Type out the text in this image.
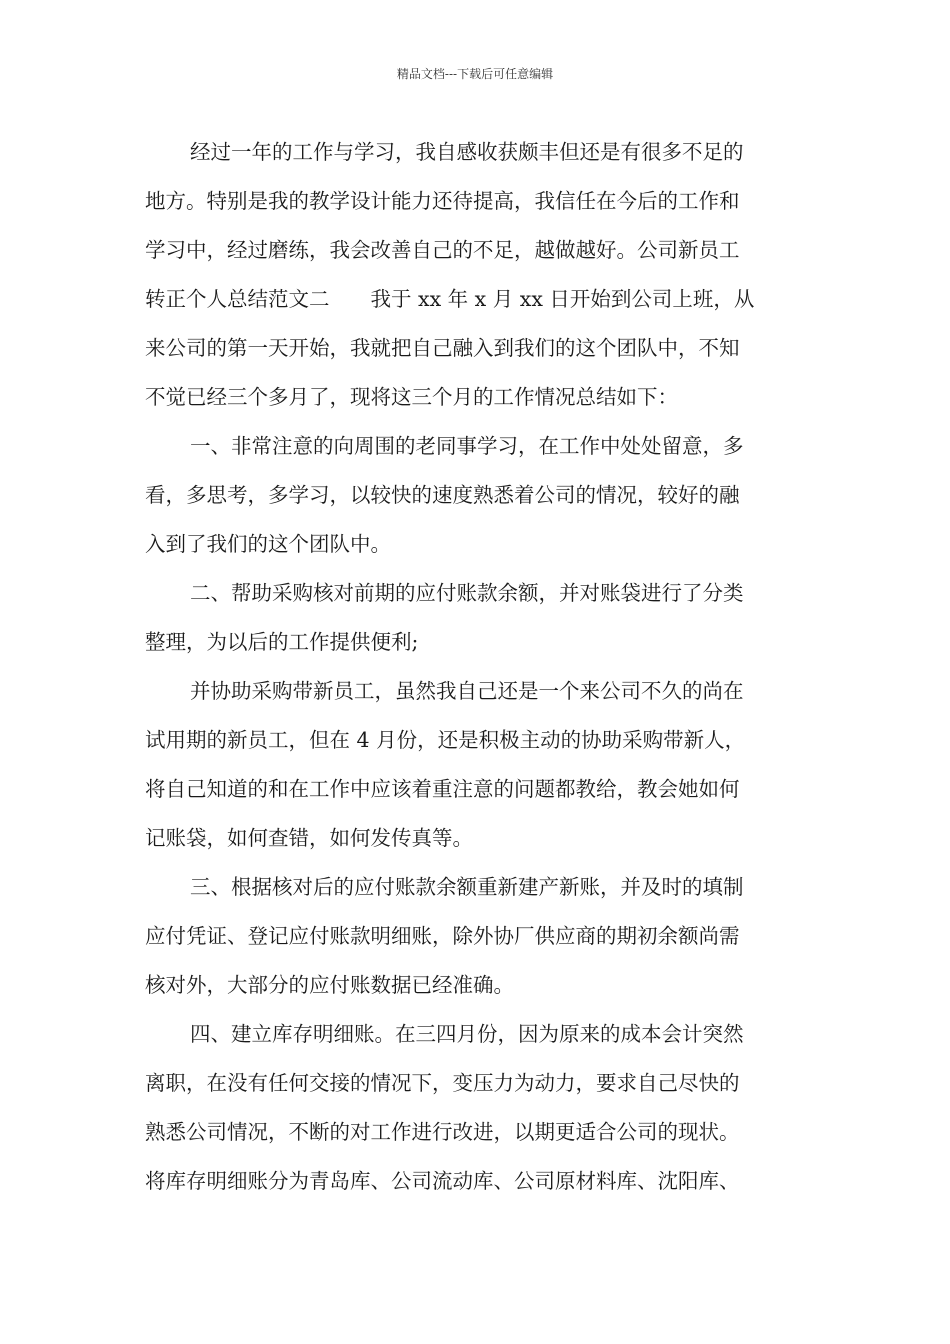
精品文档---下载后可任意编辑
经过一年的工作与学习，我自感收获颇丰但还是有很多不足的
地方。特别是我的教学设计能力还待提高，我信任在今后的工作和
学习中，经过磨练，我会改善自己的不足，越做越好。公司新员工
转正个人总结范文二　　我于 xx 年 x 月 xx 日开始到公司上班，从
来公司的第一天开始，我就把自己融入到我们的这个团队中，不知
不觉已经三个多月了，现将这三个月的工作情况总结如下：
一、非常注意的向周围的老同事学习，在工作中处处留意，多
看，多思考，多学习，以较快的速度熟悉着公司的情况，较好的融
入到了我们的这个团队中。
二、帮助采购核对前期的应付账款余额，并对账袋进行了分类
整理，为以后的工作提供便利;
并协助采购带新员工，虽然我自己还是一个来公司不久的尚在
试用期的新员工，但在 4 月份，还是积极主动的协助采购带新人，
将自己知道的和在工作中应该着重注意的问题都教给，教会她如何
记账袋，如何查错，如何发传真等。
三、根据核对后的应付账款余额重新建产新账，并及时的填制
应付凭证、登记应付账款明细账，除外协厂供应商的期初余额尚需
核对外，大部分的应付账数据已经准确。
四、建立库存明细账。在三四月份，因为原来的成本会计突然
离职，在没有任何交接的情况下，变压力为动力，要求自己尽快的
熟悉公司情况，不断的对工作进行改进，以期更适合公司的现状。
将库存明细账分为青岛库、公司流动库、公司原材料库、沈阳库、
